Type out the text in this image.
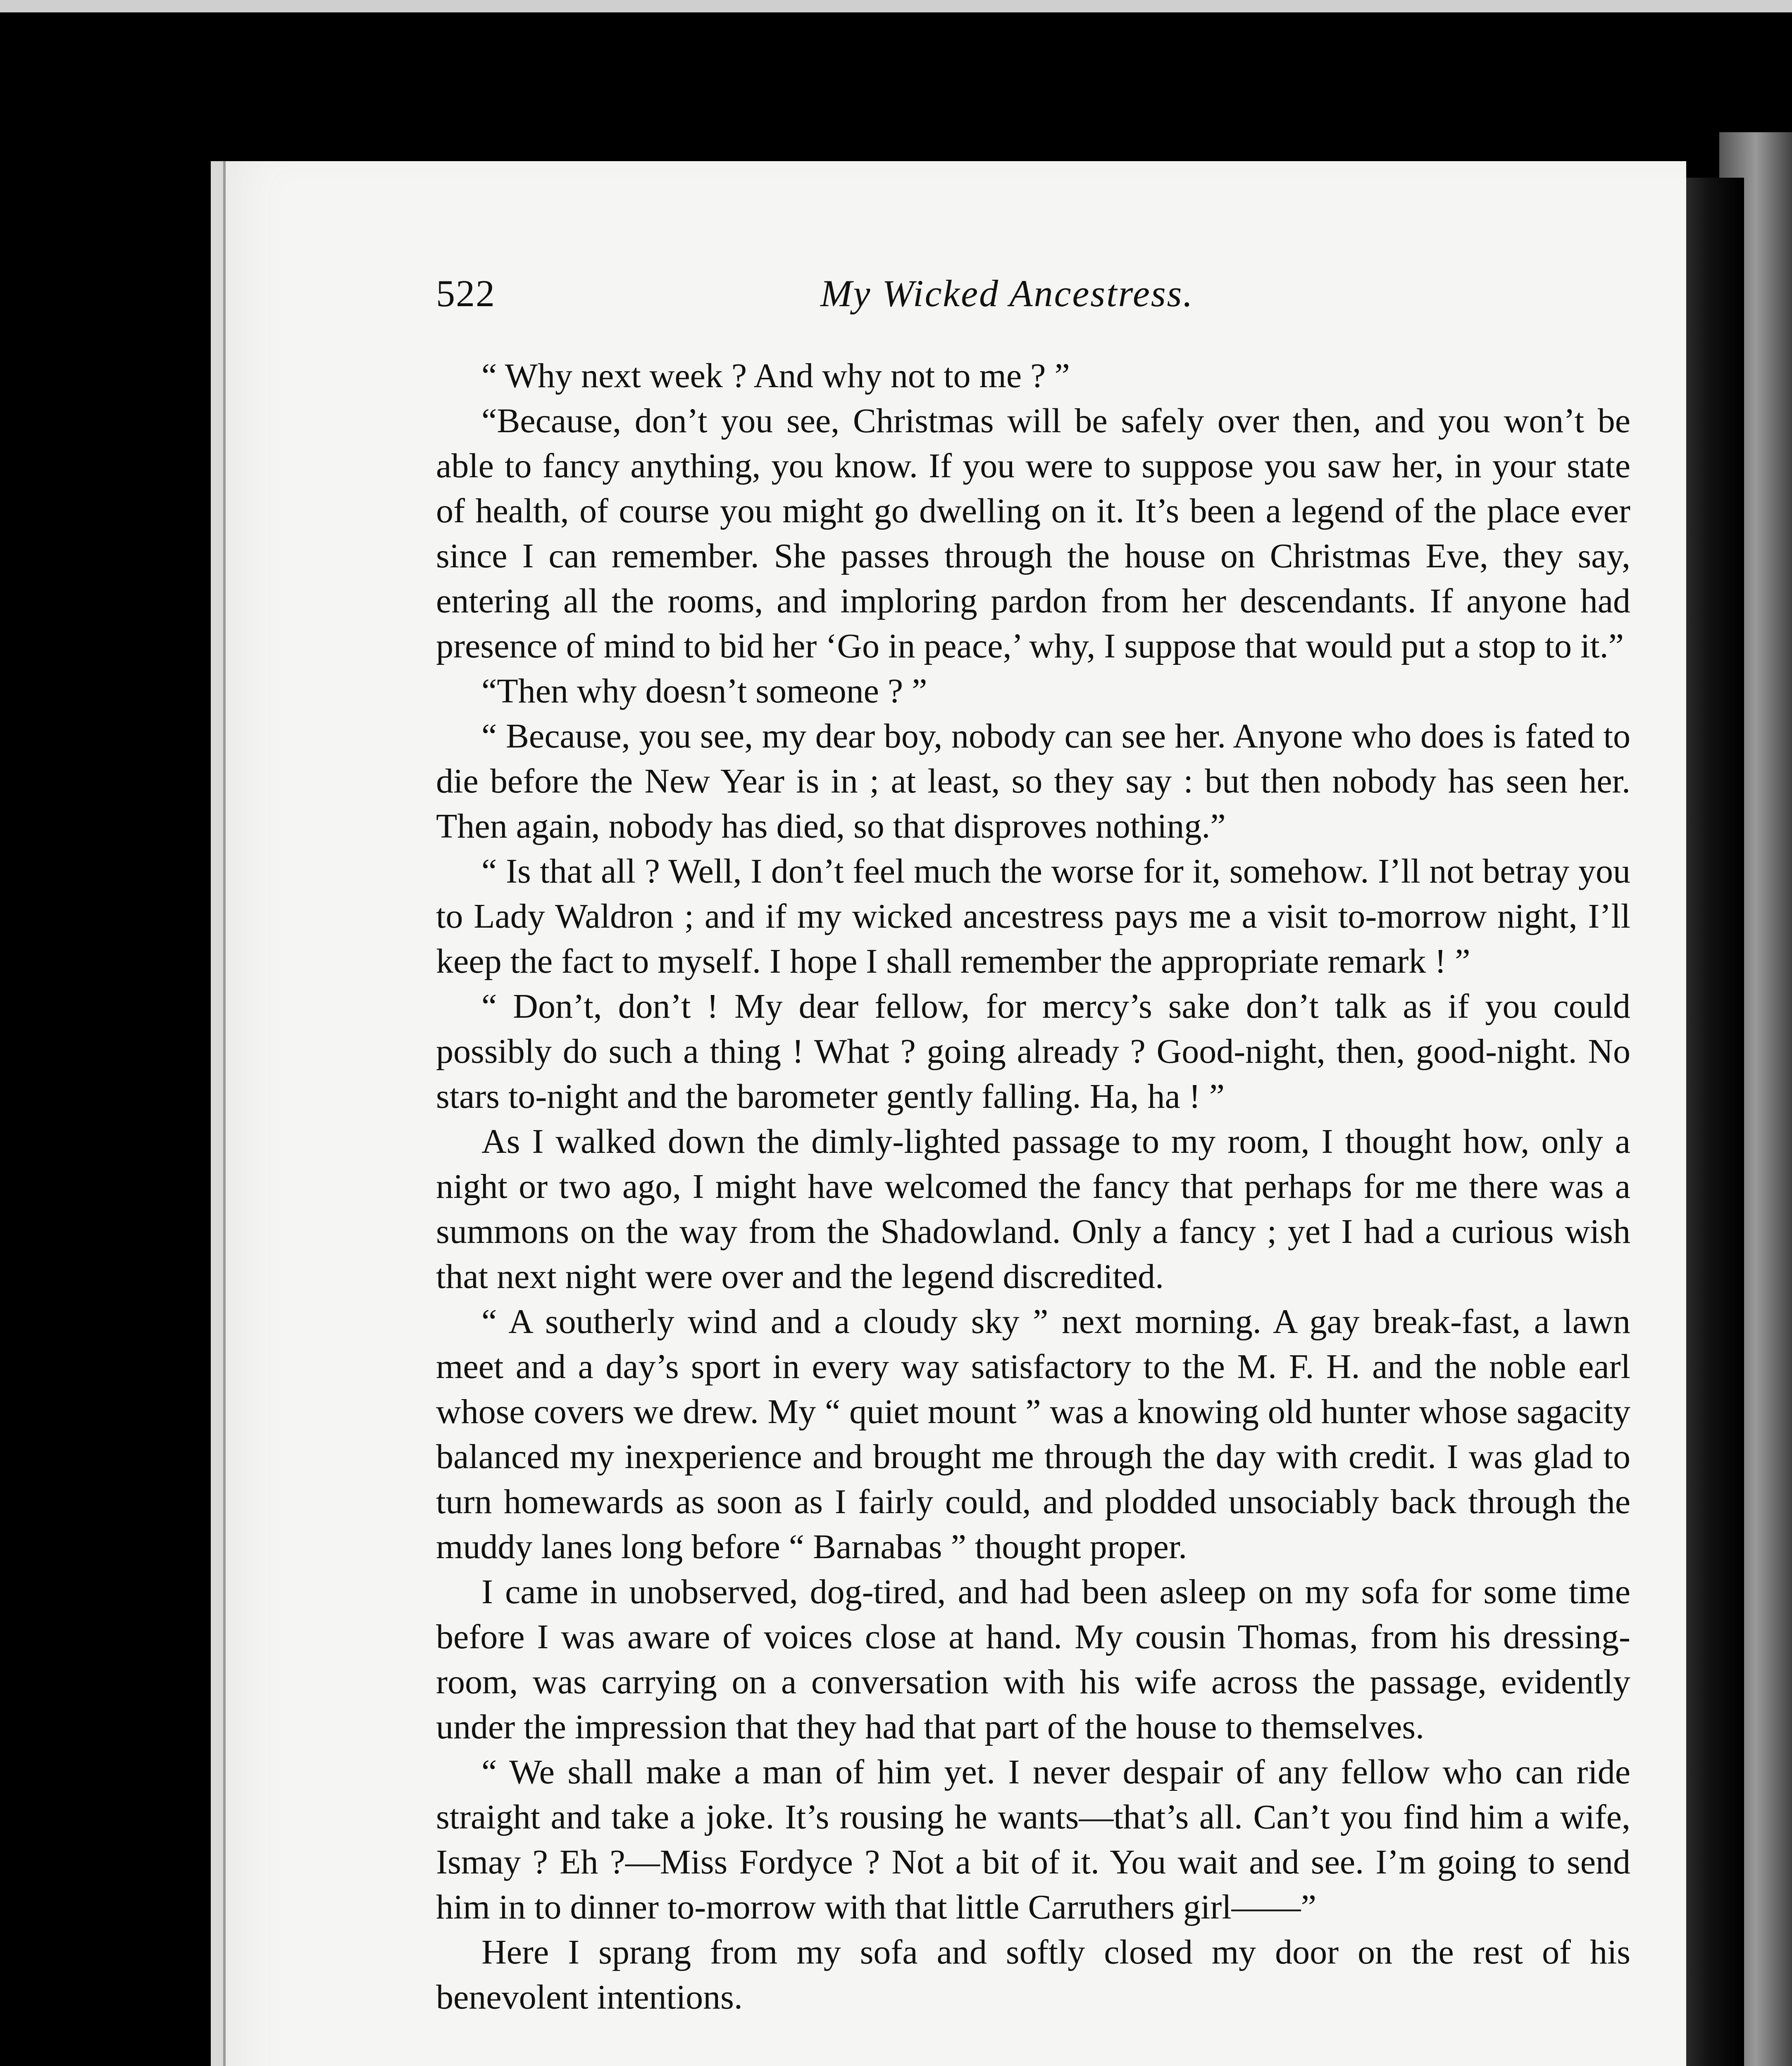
522	My Wicked Ancestress.

“ Why next week ? And why not to me ? ”

“Because, don’t you see, Christmas will be safely over then, and you won’t be able to fancy anything, you know. If you were to suppose you saw her, in your state of health, of course you might go dwelling on it. It’s been a legend of the place ever since I can remember. She passes through the house on Christmas Eve, they say, entering all the rooms, and imploring pardon from her descendants. If anyone had presence of mind to bid her ‘Go in peace,’ why, I suppose that would put a stop to it.”

“Then why doesn’t someone ? ”

“ Because, you see, my dear boy, nobody can see her. Anyone who does is fated to die before the New Year is in ; at least, so they say : but then nobody has seen her. Then again, nobody has died, so that disproves nothing.”

“ Is that all ? Well, I don’t feel much the worse for it, somehow. I’ll not betray you to Lady Waldron ; and if my wicked ancestress pays me a visit to-morrow night, I’ll keep the fact to myself. I hope I shall remember the appropriate remark ! ”

“ Don’t, don’t ! My dear fellow, for mercy’s sake don’t talk as if you could possibly do such a thing ! What ? going already ? Good-night, then, good-night. No stars to-night and the barometer gently falling. Ha, ha ! ”

As I walked down the dimly-lighted passage to my room, I thought how, only a night or two ago, I might have welcomed the fancy that perhaps for me there was a summons on the way from the Shadowland. Only a fancy ; yet I had a curious wish that next night were over and the legend discredited.

“ A southerly wind and a cloudy sky ” next morning. A gay break-fast, a lawn meet and a day’s sport in every way satisfactory to the M. F. H. and the noble earl whose covers we drew. My “ quiet mount ” was a knowing old hunter whose sagacity balanced my inexperience and brought me through the day with credit. I was glad to turn homewards as soon as I fairly could, and plodded unsociably back through the muddy lanes long before “ Barnabas ” thought proper.

I came in unobserved, dog-tired, and had been asleep on my sofa for some time before I was aware of voices close at hand. My cousin Thomas, from his dressing-room, was carrying on a conversation with his wife across the passage, evidently under the impression that they had that part of the house to themselves.

“ We shall make a man of him yet. I never despair of any fellow who can ride straight and take a joke. It’s rousing he wants—that’s all. Can’t you find him a wife, Ismay ? Eh ?—Miss Fordyce ? Not a bit of it. You wait and see. I’m going to send him in to dinner to-morrow with that little Carruthers girl——”

Here I sprang from my sofa and softly closed my door on the rest of his benevolent intentions.
